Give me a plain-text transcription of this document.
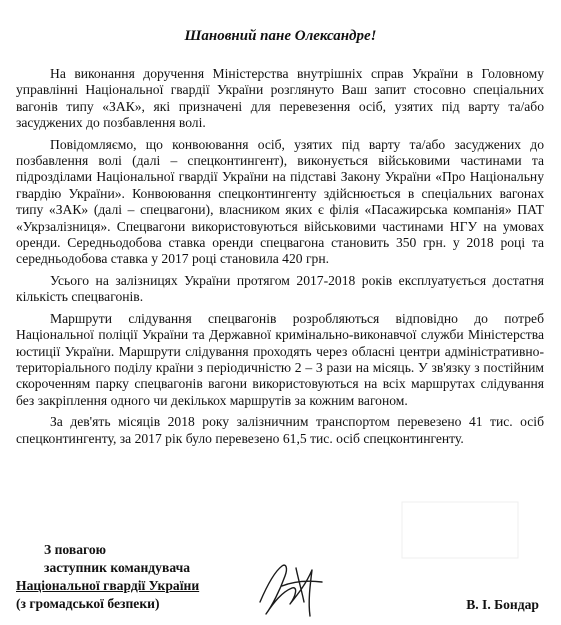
Шановний пане Олександре!

На виконання доручення Міністерства внутрішніх справ України в Головному управлінні Національної гвардії України розглянуто Ваш запит стосовно спеціальних вагонів типу «ЗАК», які призначені для перевезення осіб, узятих під варту та/або засуджених до позбавлення волі.

Повідомляємо, що конвоювання осіб, узятих під варту та/або засуджених до позбавлення волі (далі – спецконтингент), виконується військовими частинами та підрозділами Національної гвардії України на підставі Закону України «Про Національну гвардію України». Конвоювання спецконтингенту здійснюється в спеціальних вагонах типу «ЗАК» (далі – спецвагони), власником яких є філія «Пасажирська компанія» ПАТ «Укрзалізниця». Спецвагони використовуються військовими частинами НГУ на умовах оренди. Середньодобова ставка оренди спецвагона становить 350 грн. у 2018 році та середньодобова ставка у 2017 році становила 420 грн.

Усього на залізницях України протягом 2017-2018 років експлуатується достатня кількість спецвагонів.

Маршрути слідування спецвагонів розробляються відповідно до потреб Національної поліції України та Державної кримінально-виконавчої служби Міністерства юстиції України. Маршрути слідування проходять через обласні центри адміністративно-територіального поділу країни з періодичністю 2 – 3 рази на місяць. У зв'язку з постійним скороченням парку спецвагонів вагони використовуються на всіх маршрутах слідування без закріплення одного чи декількох маршрутів за кожним вагоном.

За дев'ять місяців 2018 року залізничним транспортом перевезено 41 тис. осіб спецконтингенту, за 2017 рік було перевезено 61,5 тис. осіб спецконтингенту.

З повагою
заступник командувача
Національної гвардії України
(з громадської безпеки)	В. І. Бондар
